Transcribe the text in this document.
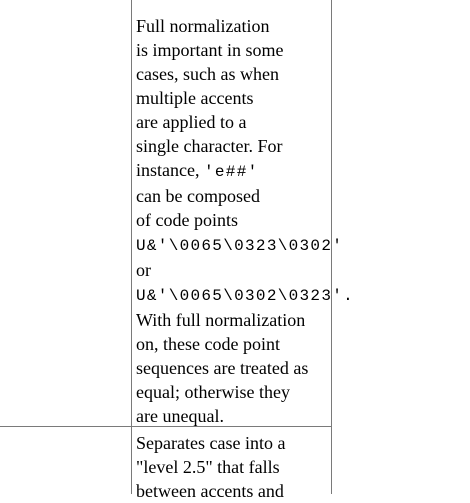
Full normalization
is important in some
cases, such as when
multiple accents
are applied to a
single character. For
instance, 'e##'
can be composed
of code points
U&'\0065\0323\0302'
or
U&'\0065\0302\0323'.
With full normalization
on, these code point
sequences are treated as
equal; otherwise they
are unequal.
Separates case into a
"level 2.5" that falls
between accents and
